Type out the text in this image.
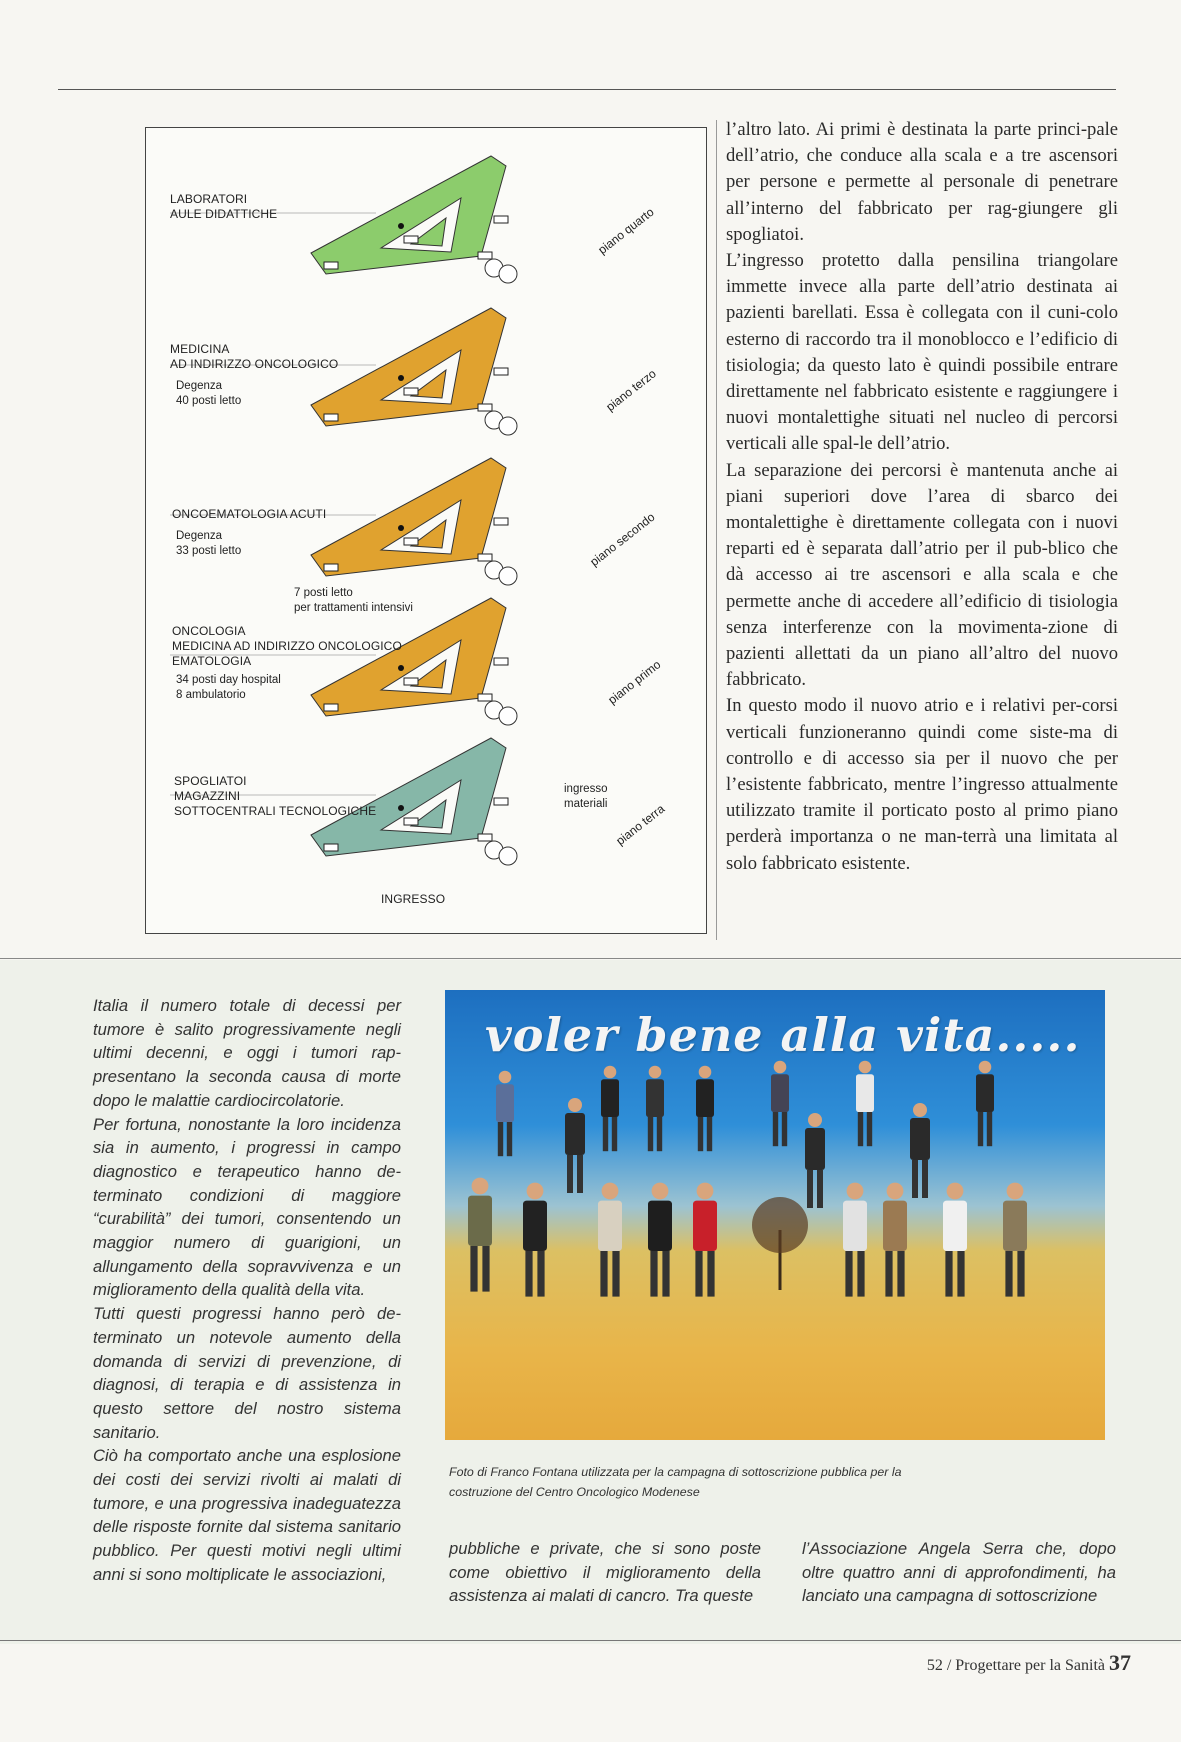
LABORATORI
AULE DIDATTICHE	piano quarto
MEDICINA
AD INDIRIZZO ONCOLOGICO
Degenza
40 posti letto	piano terzo
ONCOEMATOLOGIA ACUTI
Degenza
33 posti letto	piano secondo
7 posti letto
per trattamenti intensivi
ONCOLOGIA
MEDICINA AD INDIRIZZO ONCOLOGICO
EMATOLOGIA
34 posti day hospital
8 ambulatorio	piano primo
SPOGLIATOI
MAGAZZINI
SOTTOCENTRALI TECNOLOGICHE
ingresso
materiali piano terra
INGRESSO

l’altro lato. Ai primi è destinata la parte princi-pale dell’atrio, che conduce alla scala e a tre ascensori per persone e permette al personale di penetrare all’interno del fabbricato per rag-giungere gli spogliatoi.

L’ingresso protetto dalla pensilina triangolare immette invece alla parte dell’atrio destinata ai pazienti barellati. Essa è collegata con il cuni-colo esterno di raccordo tra il monoblocco e l’edificio di tisiologia; da questo lato è quindi possibile entrare direttamente nel fabbricato esistente e raggiungere i nuovi montalettighe situati nel nucleo di percorsi verticali alle spal-le dell’atrio.

La separazione dei percorsi è mantenuta anche ai piani superiori dove l’area di sbarco dei montalettighe è direttamente collegata con i nuovi reparti ed è separata dall’atrio per il pub-blico che dà accesso ai tre ascensori e alla scala e che permette anche di accedere all’edificio di tisiologia senza interferenze con la movimenta-zione di pazienti allettati da un piano all’altro del nuovo fabbricato.

In questo modo il nuovo atrio e i relativi per-corsi verticali funzioneranno quindi come siste-ma di controllo e di accesso sia per il nuovo che per l’esistente fabbricato, mentre l’ingresso attualmente utilizzato tramite il porticato posto al primo piano perderà importanza o ne man-terrà una limitata al solo fabbricato esistente.

Italia il numero totale di decessi per tumore è salito progressivamente negli ultimi decenni, e oggi i tumori rap-presentano la seconda causa di morte dopo le malattie cardiocircolatorie.

Per fortuna, nonostante la loro incidenza sia in aumento, i progressi in campo diagnostico e terapeutico hanno de-terminato condizioni di maggiore “curabilità” dei tumori, consentendo un maggior numero di guarigioni, un allungamento della sopravvivenza e un miglioramento della qualità della vita.

Tutti questi progressi hanno però de-terminato un notevole aumento della domanda di servizi di prevenzione, di diagnosi, di terapia e di assistenza in questo settore del nostro sistema sanitario.

Ciò ha comportato anche una esplosione dei costi dei servizi rivolti ai malati di tumore, e una progressiva inadeguatezza delle risposte fornite dal sistema sanitario pubblico. Per questi motivi negli ultimi anni si sono moltiplicate le associazioni,

voler bene alla vita.....
Foto di Franco Fontana utilizzata per la campagna di sottoscrizione pubblica per la costruzione del Centro Oncologico Modenese
pubbliche e private, che si sono poste come obiettivo il miglioramento della assistenza ai malati di cancro. Tra queste
l’Associazione Angela Serra che, dopo oltre quattro anni di approfondimenti, ha lanciato una campagna di sottoscrizione
52 / Progettare per la Sanità 37
